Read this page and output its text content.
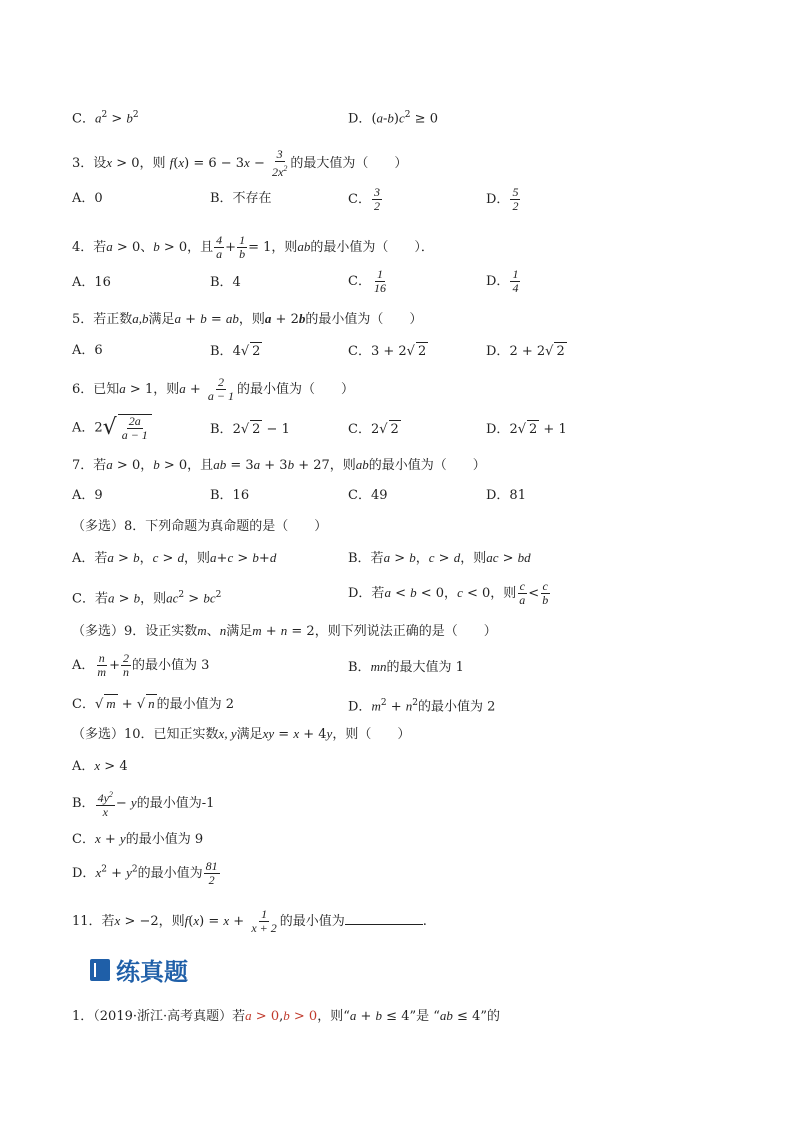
C．$a^2 > b^2$	D．$(a-b)c^2 \ge 0$
3．设x > 0，则 $f(x) = 6 - 3x - \frac{3}{2x^2}$ 的最大值为（　　）
A．0	B．不存在	C． $\frac{3}{2}$	D． $\frac{5}{2}$
4．若a > 0、b > 0，且 $\frac{4}{a} + \frac{1}{b} = 1$，则ab的最小值为（　　）．
A．16	B．4	C． $\frac{1}{16}$	D． $\frac{1}{4}$
5．若正数a,b满足a + b = ab，则a + 2b的最小值为（　　）
A．6	B．4√ 2	C．3 + 2√ 2	D．2 + 2√ 2
6．已知a > 1，则$a + \frac{2}{a - 1}$ 的最小值为（　　）
A．$2√ \frac{2a}{a - 1}$	B．2√ 2 − 1	C．2√ 2	D．2√ 2 + 1
7．若a > 0，b > 0，且ab = 3a + 3b + 27，则ab的最小值为（　　）
A．9	B．16	C．49	D．81
（多选）8．下列命题为真命题的是（　　）
A．若a > b，c > d，则a+c > b+d	B．若a > b，c > d，则ac > bd
C．若a > b，则$ac^2 > bc^2$	D．若a < b < 0，c < 0，则 $\frac{c}{a} < \frac{c}{b}$
（多选）9．设正实数m、n满足m + n = 2，则下列说法正确的是（　　）
A． $\frac{n}{m} + \frac{2}{n}$ 的最小值为 3	B．mn的最大值为 1
C．√ m + √ n 的最小值为 2	D．$m^2 + n^2$的最小值为 2
（多选）10．已知正实数x, y满足xy = x + 4y，则（　　）
A．x > 4
B． $\frac{4y^2}{x} - y$的最小值为-1
C．x + y的最小值为 9
D．$x^2 + y^2$的最小值为 $\frac{81}{2}$
11．若x > −2，则$f(x) = x + \frac{1}{x + 2}$ 的最小值为	.
练真题
1．（2019·浙江·高考真题）若a > 0,b > 0，则“a + b ≤ 4”是 “ab ≤ 4”的
